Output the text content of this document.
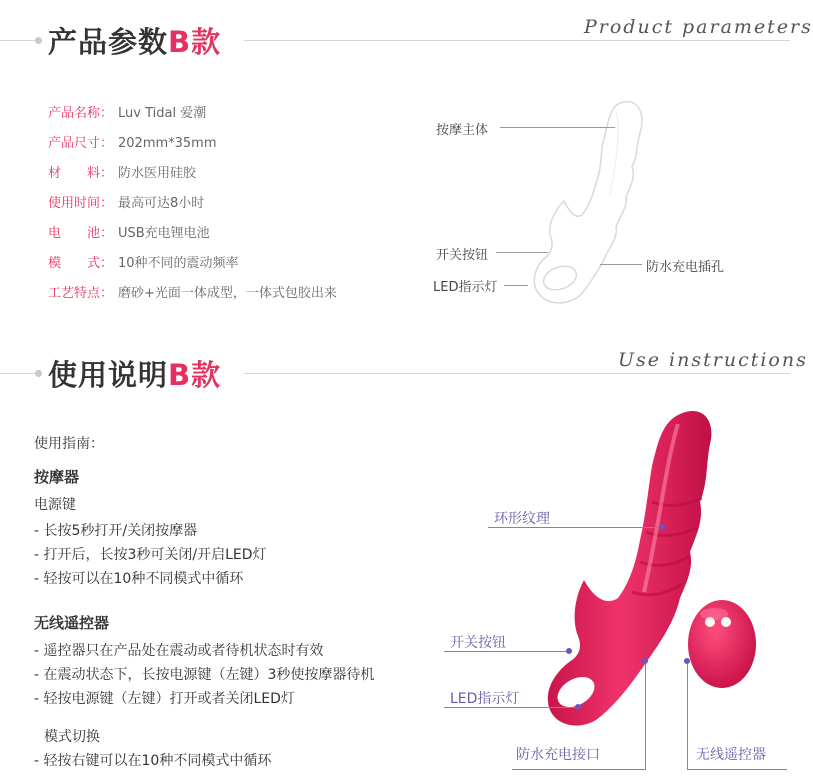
产品参数B款	Product parameters
产品名称： Luv Tidal 爱潮
产品尺寸： 202mm*35mm
材　　料： 防水医用硅胶
使用时间： 最高可达8小时
电　　池： USB充电锂电池
模　　式： 10种不同的震动频率
工艺特点： 磨砂+光面一体成型，一体式包胶出来
按摩主体
开关按钮
LED指示灯
防水充电插孔
使用说明B款	Use instructions
使用指南：
按摩器
电源键
- 长按5秒打开/关闭按摩器
- 打开后，长按3秒可关闭/开启LED灯
- 轻按可以在10种不同模式中循环
无线遥控器
- 遥控器只在产品处在震动或者待机状态时有效
- 在震动状态下，长按电源键（左键）3秒使按摩器待机
- 轻按电源键（左键）打开或者关闭LED灯
模式切换
- 轻按右键可以在10种不同模式中循环
环形纹理
开关按钮
LED指示灯
防水充电接口	无线遥控器
